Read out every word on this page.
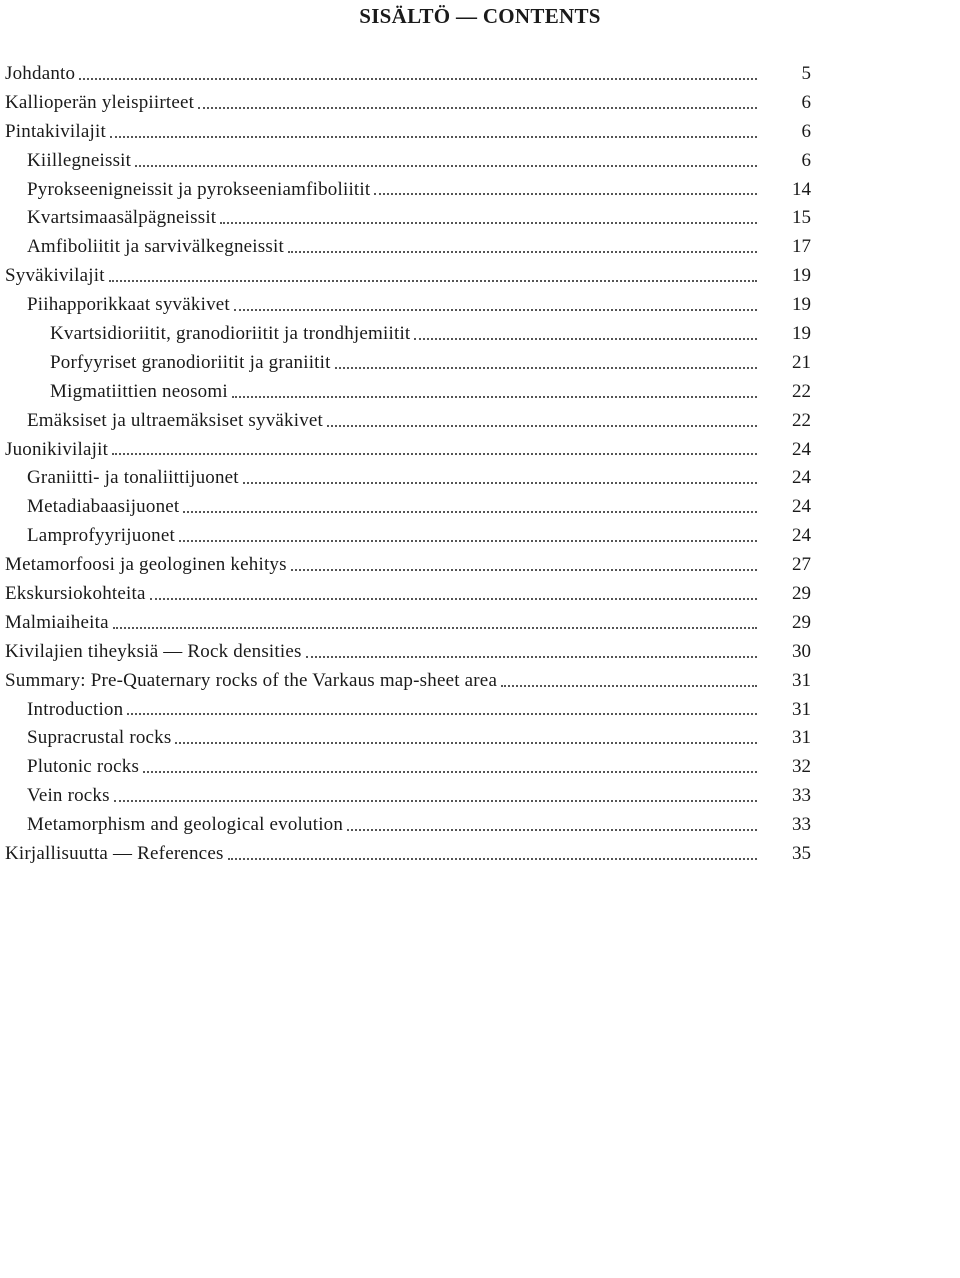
SISÄLTÖ — CONTENTS
Johdanto	5
Kallioperän yleispiirteet	6
Pintakivilajit	6
Kiillegneissit	6
Pyrokseenigneissit ja pyrokseeniamfiboliitit	14
Kvartsimaasälpägneissit	15
Amfiboliitit ja sarvivälkegneissit	17
Syväkivilajit	19
Piihapporikkaat syväkivet	19
Kvartsidioriitit, granodioriitit ja trondhjemiitit	19
Porfyyriset granodioriitit ja graniitit	21
Migmatiittien neosomi	22
Emäksiset ja ultraemäksiset syväkivet	22
Juonikivilajit	24
Graniitti- ja tonaliittijuonet	24
Metadiabaasijuonet	24
Lamprofyyrijuonet	24
Metamorfoosi ja geologinen kehitys	27
Ekskursiokohteita	29
Malmiaiheita	29
Kivilajien tiheyksiä — Rock densities	30
Summary: Pre-Quaternary rocks of the Varkaus map-sheet area	31
Introduction	31
Supracrustal rocks	31
Plutonic rocks	32
Vein rocks	33
Metamorphism and geological evolution	33
Kirjallisuutta — References	35
